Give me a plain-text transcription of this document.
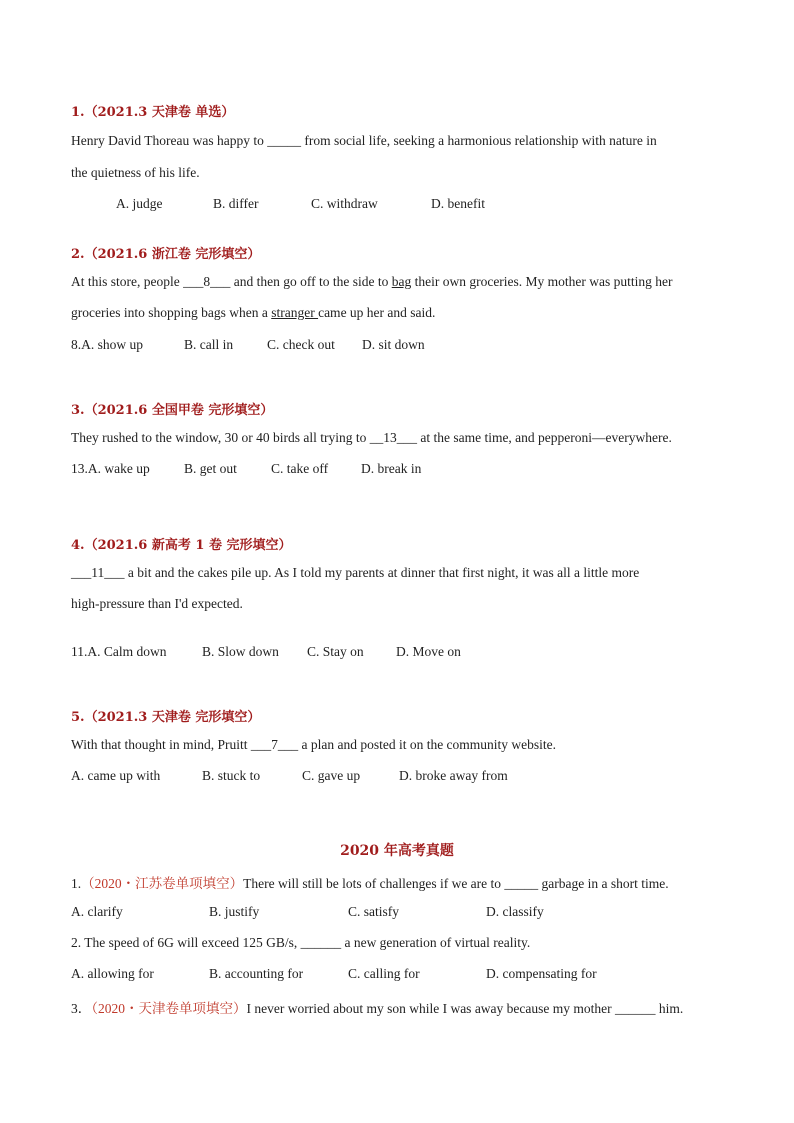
1.（2021.3 天津卷 单选）
Henry David Thoreau was happy to _____ from social life, seeking a harmonious relationship with nature in
the quietness of his life.
A. judge	B. differ	C. withdraw	D. benefit
2.（2021.6 浙江卷 完形填空）
At this store, people ___8___ and then go off to the side to bag their own groceries. My mother was putting her
groceries into shopping bags when a stranger came up her and said.
8.A. show up	B. call in	C. check out D. sit down
3.（2021.6 全国甲卷 完形填空）
They rushed to the window, 30 or 40 birds all trying to __13___ at the same time, and pepperoni—everywhere.
13.A. wake up	B. get out	C. take off D. break in
4.（2021.6 新高考 1 卷 完形填空）
___11___ a bit and the cakes pile up. As I told my parents at dinner that first night, it was all a little more
high-pressure than I'd expected.
11.A. Calm down	B. Slow down C. Stay on D. Move on
5.（2021.3 天津卷 完形填空）
With that thought in mind, Pruitt ___7___ a plan and posted it on the community website.
A. came up with	B. stuck to	C. gave up	D. broke away from
2020 年高考真题
1.（2020・江苏卷单项填空）There will still be lots of challenges if we are to _____ garbage in a short time.
A. clarify	B. justify	C. satisfy	D. classify
2. The speed of 6G will exceed 125 GB/s, ______ a new generation of virtual reality.
A. allowing for	B. accounting for	C. calling for	D. compensating for
3．（2020・天津卷单项填空）I never worried about my son while I was away because my mother ______ him.
